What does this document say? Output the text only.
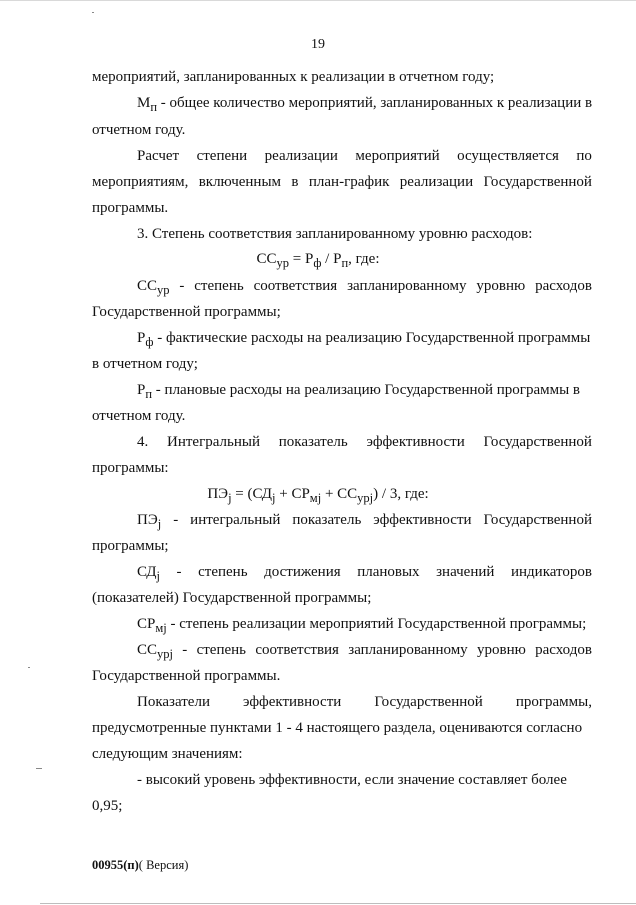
19
мероприятий, запланированных к реализации в отчетном году;
$М_п$ - общее количество мероприятий, запланированных к реализации в
отчетном году.
Расчет степени реализации мероприятий осуществляется по
мероприятиям, включенным в план-график реализации Государственной
программы.
3. Степень соответствия запланированному уровню расходов:
$СС_{ур} = Р_ф / Р_п$, где:
$СС_{ур}$ - степень соответствия запланированному уровню расходов
Государственной программы;
$Р_ф$ - фактические расходы на реализацию Государственной программы
в отчетном году;
$Р_п$ - плановые расходы на реализацию Государственной программы в
отчетном году.
4. Интегральный показатель эффективности Государственной
программы:
$ПЭ_j = (СД_j + СР_{мj} + СС_{урj}) / 3$, где:
$ПЭ_j$ - интегральный показатель эффективности Государственной
программы;
$СД_j$ - степень достижения плановых значений индикаторов
(показателей) Государственной программы;
$СР_{мj}$ - степень реализации мероприятий Государственной программы;
$СС_{урj}$ - степень соответствия запланированному уровню расходов
Государственной программы.
Показатели эффективности Государственной программы,
предусмотренные пунктами 1 - 4 настоящего раздела, оцениваются согласно
следующим значениям:
- высокий уровень эффективности, если значение составляет более
0,95;
00955(п)( Версия)
